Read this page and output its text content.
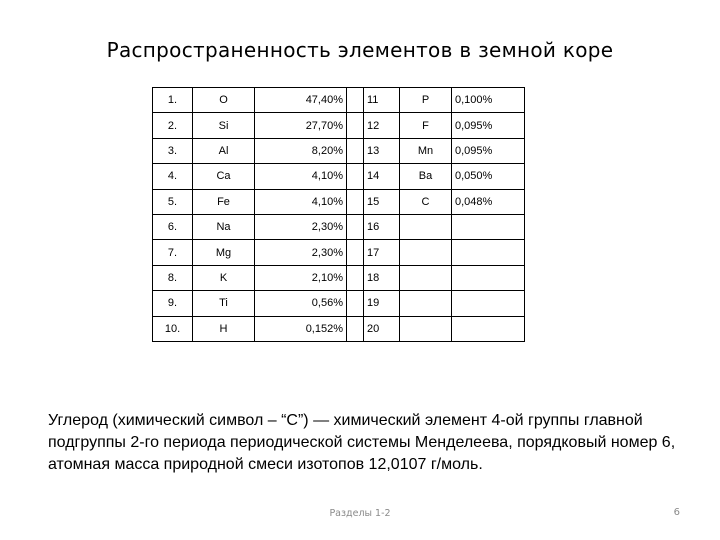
Распространенность элементов в земной коре
1.	O	47,40%		11	P	0,100%
2.	Si	27,70%		12	F	0,095%
3.	Al	8,20%		13	Mn	0,095%
4.	Ca	4,10%		14	Ba	0,050%
5.	Fe	4,10%		15	C	0,048%
6.	Na	2,30%		16		
7.	Mg	2,30%		17		
8.	K	2,10%		18		
9.	Ti	0,56%		19		
10.	H	0,152%		20		
Углерод (химический символ – “C”) — химический элемент 4-ой группы главной подгруппы 2-го периода периодической системы Менделеева, порядковый номер 6, атомная масса природной смеси изотопов 12,0107 г/моль.
Разделы 1-2	6
